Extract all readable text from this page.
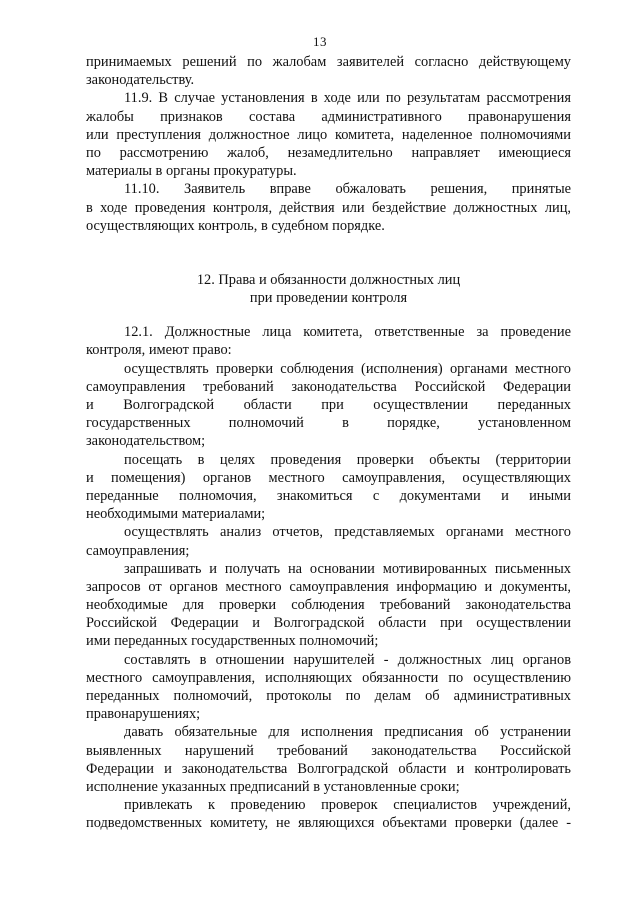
13
принимаемых решений по жалобам заявителей согласно действующему
законодательству.
11.9. В случае установления в ходе или по результатам рассмотрения
жалобы признаков состава административного правонарушения
или преступления должностное лицо комитета, наделенное полномочиями
по рассмотрению жалоб, незамедлительно направляет имеющиеся
материалы в органы прокуратуры.
11.10. Заявитель вправе обжаловать решения, принятые
в ходе проведения контроля, действия или бездействие должностных лиц,
осуществляющих контроль, в судебном порядке.
12. Права и обязанности должностных лиц
при проведении контроля
12.1. Должностные лица комитета, ответственные за проведение
контроля, имеют право:
осуществлять проверки соблюдения (исполнения) органами местного
самоуправления требований законодательства Российской Федерации
и Волгоградской области при осуществлении переданных
государственных полномочий в порядке, установленном
законодательством;
посещать в целях проведения проверки объекты (территории
и помещения) органов местного самоуправления, осуществляющих
переданные полномочия, знакомиться с документами и иными
необходимыми материалами;
осуществлять анализ отчетов, представляемых органами местного
самоуправления;
запрашивать и получать на основании мотивированных письменных
запросов от органов местного самоуправления информацию и документы,
необходимые для проверки соблюдения требований законодательства
Российской Федерации и Волгоградской области при осуществлении
ими переданных государственных полномочий;
составлять в отношении нарушителей - должностных лиц органов
местного самоуправления, исполняющих обязанности по осуществлению
переданных полномочий, протоколы по делам об административных
правонарушениях;
давать обязательные для исполнения предписания об устранении
выявленных нарушений требований законодательства Российской
Федерации и законодательства Волгоградской области и контролировать
исполнение указанных предписаний в установленные сроки;
привлекать к проведению проверок специалистов учреждений,
подведомственных комитету, не являющихся объектами проверки (далее -
